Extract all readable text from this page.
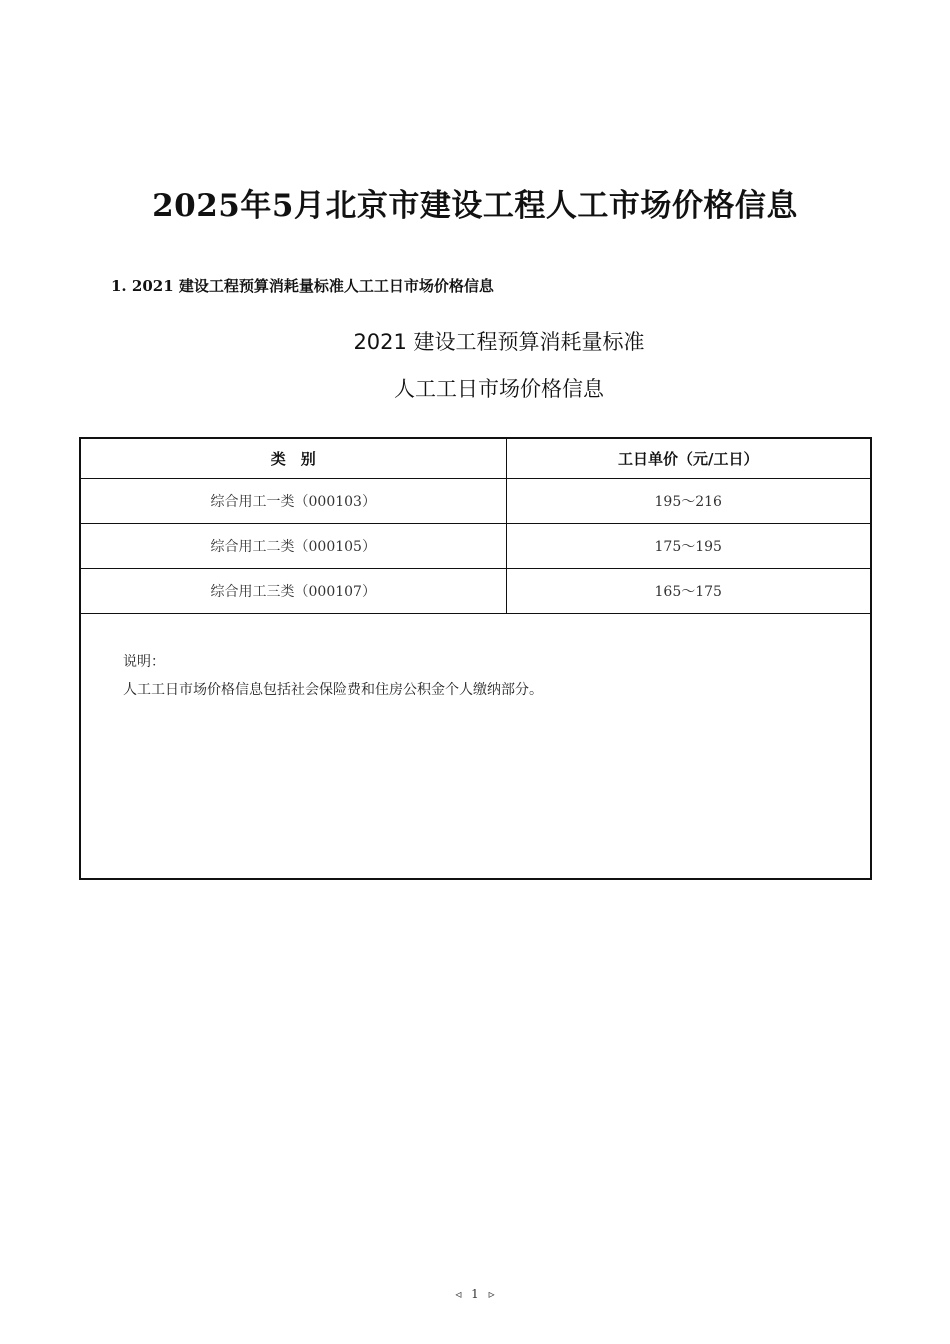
2025年5月北京市建设工程人工市场价格信息

1. 2021 建设工程预算消耗量标准人工工日市场价格信息

2021 建设工程预算消耗量标准

人工工日市场价格信息

类　别	工日单价（元/工日）
综合用工一类（000103）	195～216
综合用工二类（000105）	175～195
综合用工三类（000107）	165～175

说明：
人工工日市场价格信息包括社会保险费和住房公积金个人缴纳部分。	
◃ 1 ▹
